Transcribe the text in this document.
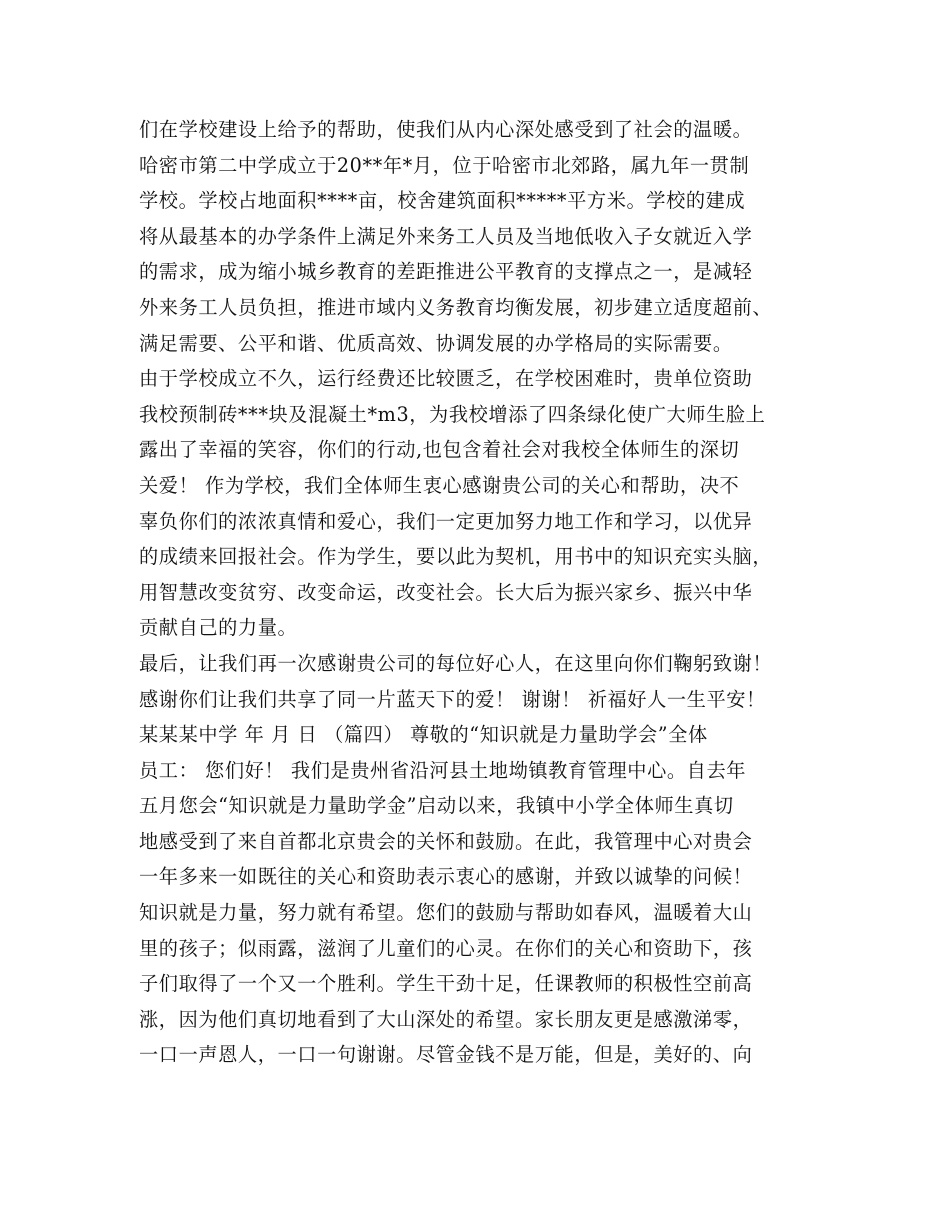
们在学校建设上给予的帮助，使我们从内心深处感受到了社会的温暖。
哈密市第二中学成立于20**年*月，位于哈密市北郊路，属九年一贯制
学校。学校占地面积****亩，校舍建筑面积*****平方米。学校的建成
将从最基本的办学条件上满足外来务工人员及当地低收入子女就近入学
的需求，成为缩小城乡教育的差距推进公平教育的支撑点之一，是减轻
外来务工人员负担，推进市域内义务教育均衡发展，初步建立适度超前、
满足需要、公平和谐、优质高效、协调发展的办学格局的实际需要。
由于学校成立不久，运行经费还比较匮乏，在学校困难时，贵单位资助
我校预制砖***块及混凝土*m3，为我校增添了四条绿化使广大师生脸上
露出了幸福的笑容，你们的行动,也包含着社会对我校全体师生的深切
关爱！ 作为学校，我们全体师生衷心感谢贵公司的关心和帮助，决不
辜负你们的浓浓真情和爱心，我们一定更加努力地工作和学习，以优异
的成绩来回报社会。作为学生，要以此为契机，用书中的知识充实头脑，
用智慧改变贫穷、改变命运，改变社会。长大后为振兴家乡、振兴中华
贡献自己的力量。
最后，让我们再一次感谢贵公司的每位好心人，在这里向你们鞠躬致谢！
感谢你们让我们共享了同一片蓝天下的爱！ 谢谢！ 祈福好人一生平安！
某某某中学 年 月 日 （篇四） 尊敬的“知识就是力量助学会”全体
员工： 您们好！ 我们是贵州省沿河县土地坳镇教育管理中心。自去年
五月您会“知识就是力量助学金”启动以来，我镇中小学全体师生真切
地感受到了来自首都北京贵会的关怀和鼓励。在此，我管理中心对贵会
一年多来一如既往的关心和资助表示衷心的感谢，并致以诚挚的问候！
知识就是力量，努力就有希望。您们的鼓励与帮助如春风，温暖着大山
里的孩子；似雨露，滋润了儿童们的心灵。在你们的关心和资助下，孩
子们取得了一个又一个胜利。学生干劲十足，任课教师的积极性空前高
涨，因为他们真切地看到了大山深处的希望。家长朋友更是感激涕零，
一口一声恩人，一口一句谢谢。尽管金钱不是万能，但是，美好的、向
